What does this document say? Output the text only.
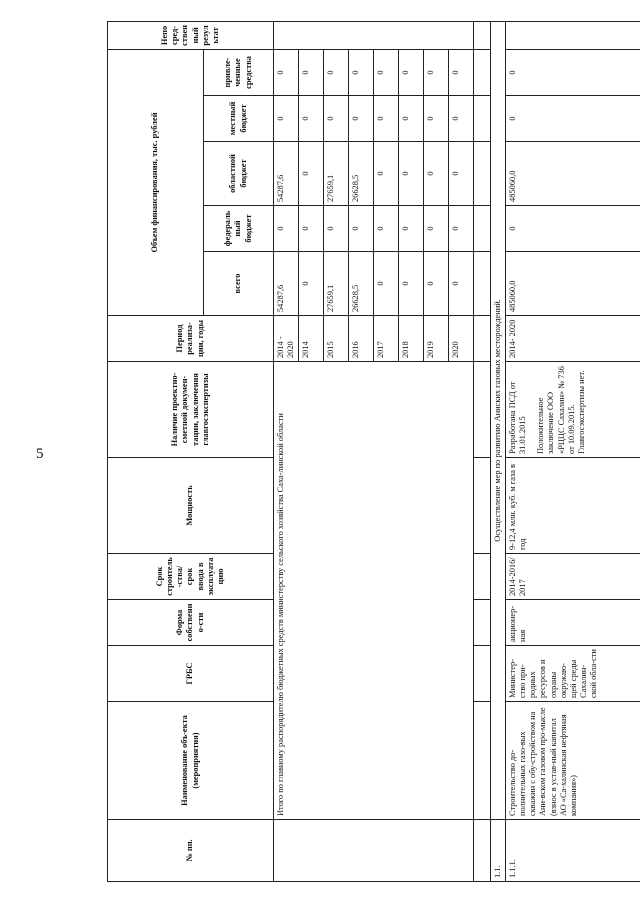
5
№ пп.	Наименование объ-екта (мероприятия)	ГРБС	Форма собственно-сти	Срок строитель-ства/срок ввода в эксплуатацию	Мощность	Наличие проектно-сметной докумен-тации, заключения главгосэкспертизы	Период реализа-ции, годы	Объем финансирования, тыс. рублей					Непосред-ственный результат
								всего	федеральный бюджет	областной бюджет	местный бюджет	привле-ченные средства	
	Итого по главному распорядителю бюджетных средств министерству сельского хозяйства Саха-линской области						2014 - 2020	54287,6	0	54287,6	0	0	
							2014	0	0	0	0	0	
							2015	27659,1	0	27659,1	0	0	
							2016	26628,5	0	26628,5	0	0	
							2017	0	0	0	0	0	
							2018	0	0	0	0	0	
							2019	0	0	0	0	0	
							2020	0	0	0	0	0	

1.1.	Осуществление мер по развитию Аниских газовых месторождений.												
1.1.1.	Строительство до-полнительных газо-вых скважин с обу-стройством на Ани-вском газовом про-мысле (взнос в устав-ный капитал АО «Са-халинская нефтяная компания»)	Министер-ство при-родных ресурсов и охраны окружаю-щей среды Сахалин-ской обла-сти	акционер-ная	2014-2016/ 2017	9-12,4 млн. куб. м газа в год	Разработана ПСД от 31.01.2015 Положительное заключение ООО «РЦЦС Сахалин» № 736 от 10.09.2015. Главгосэкспертизы нет.	2014- 2020	485060,0	0	485060,0	0	0	
